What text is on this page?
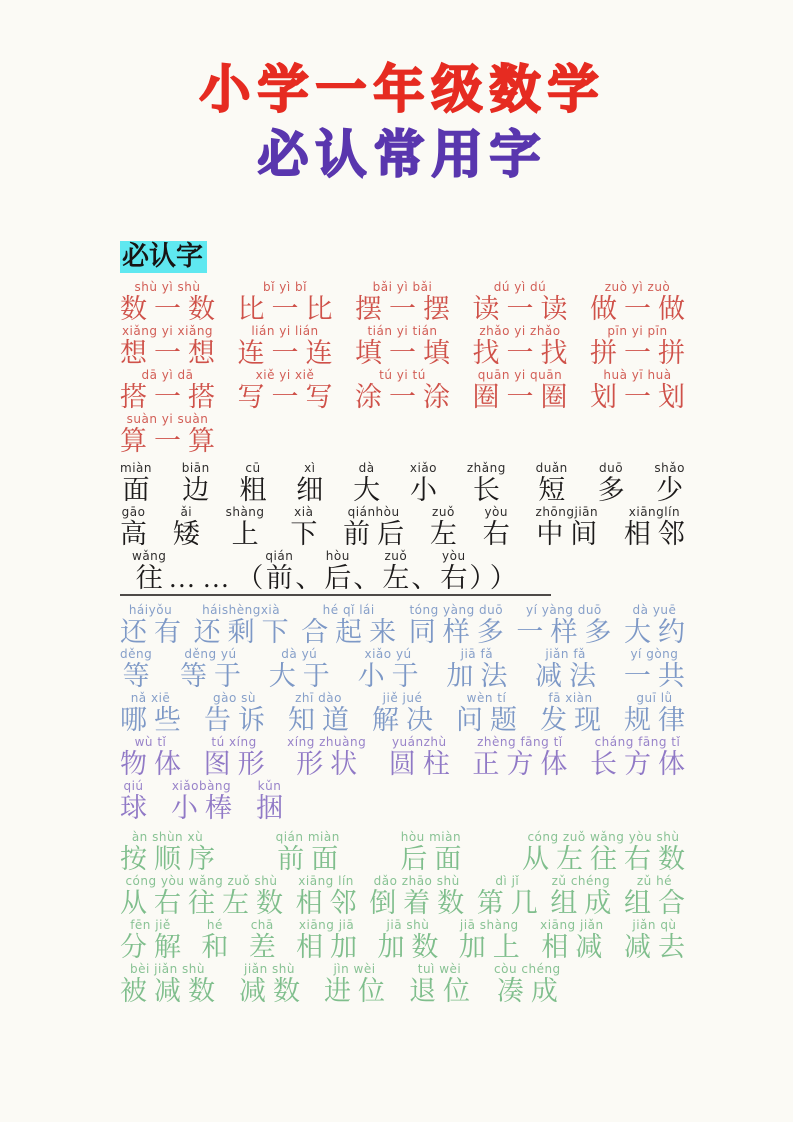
小学一年级数学
必认常用字
必认字
shù yì shù
数一数
bǐ yì bǐ
比一比
bǎi yì bǎi
摆一摆
dú yì dú
读一读
zuò yì zuò
做一做
xiǎng yi xiǎng
想一想
lián yi lián
连一连
tián yi tián
填一填
zhǎo yi zhǎo
找一找
pīn yi pīn
拼一拼
dā yì dā
搭一搭
xiě yi xiě
写一写
tú yi tú
涂一涂
quān yi quān
圈一圈
huà yī huà
划一划
suàn yi suàn
算一算
miàn
面
biān
边
cū
粗
xì
细
dà
大
xiǎo
小
zhǎng
长
duǎn
短
duō
多
shǎo
少
gāo
高
ǎi
矮
shàng
上
xià
下
qiánhòu
前后
zuǒ
左
yòu
右
zhōngjiān
中间
xiānglín
相邻
wǎng
往
……（
qián
前
、
hòu
后
、
zuǒ
左
、
yòu
右
））
háiyǒu
还有
háishèngxià
还剩下
hé qǐ lái
合起来
tóng yàng duō
同样多
yí yàng duō
一样多
dà yuē
大约
děng
等
děng yú
等于
dà yú
大于
xiǎo yú
小于
jiā fǎ
加法
jiǎn fǎ
减法
yí gòng
一共
nǎ xiē
哪些
gào sù
告诉
zhī dào
知道
jiě jué
解决
wèn tí
问题
fā xiàn
发现
guī lǜ
规律
wù tǐ
物体
tú xíng
图形
xíng zhuàng
形状
yuánzhù
圆柱
zhèng fāng tǐ
正方体
cháng fāng tǐ
长方体
qiú
球
xiǎobàng
小棒
kǔn
捆
àn shùn xù
按顺序
qián miàn
前面
hòu miàn
后面
cóng zuǒ wǎng yòu shù
从左往右数
cóng yòu wǎng zuǒ shù
从右往左数
xiāng lín
相邻
dǎo zhāo shù
倒着数
dì jǐ
第几
zǔ chéng
组成
zǔ hé
组合
fēn jiě
分解
hé
和
chā
差
xiāng jiā
相加
jiā shù
加数
jiā shàng
加上
xiāng jiǎn
相减
jiǎn qù
减去
bèi jiǎn shù
被减数
jiǎn shù
减数
jìn wèi
进位
tuì wèi
退位
còu chéng
凑成
